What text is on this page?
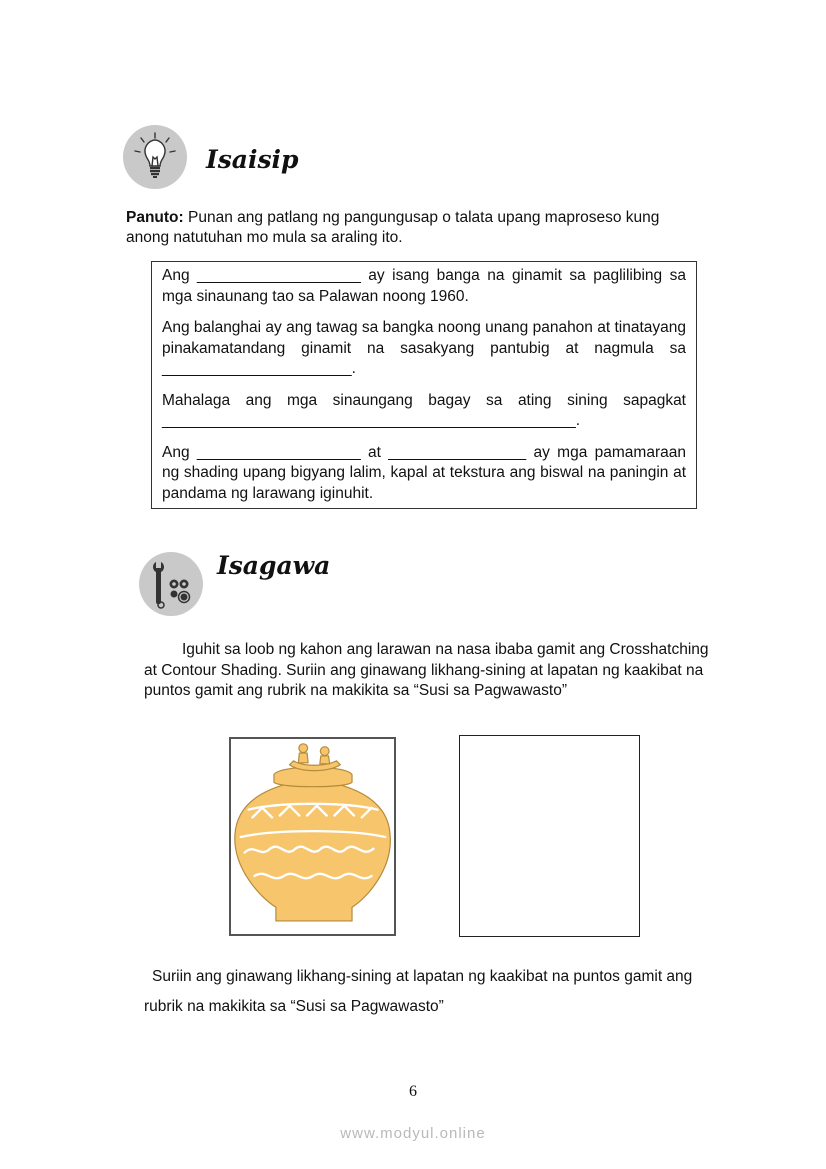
Isaisip
Panuto: Punan ang patlang ng pangungusap o talata upang maproseso kung anong natutuhan mo mula sa araling ito.

Ang ___________________ ay isang banga na ginamit sa paglilibing sa mga sinaunang tao sa Palawan noong 1960.

Ang balanghai ay ang tawag sa bangka noong unang panahon at tinatayang pinakamatandang ginamit na sasakyang pantubig at nagmula sa ______________________.

Mahalaga ang mga sinaungang bagay sa ating sining sapagkat ________________________________________________.

Ang ___________________ at ________________ ay mga pamamaraan ng shading upang bigyang lalim, kapal at tekstura ang biswal na paningin at pandama ng larawang iginuhit.

Isagawa
Iguhit sa loob ng kahon ang larawan na nasa ibaba gamit ang Crosshatching at Contour Shading. Suriin ang ginawang likhang-sining at lapatan ng kaakibat na puntos gamit ang rubrik na makikita sa “Susi sa Pagwawasto”
Suriin ang ginawang likhang-sining at lapatan ng kaakibat na puntos gamit ang rubrik na makikita sa “Susi sa Pagwawasto”
6
www.modyul.online
